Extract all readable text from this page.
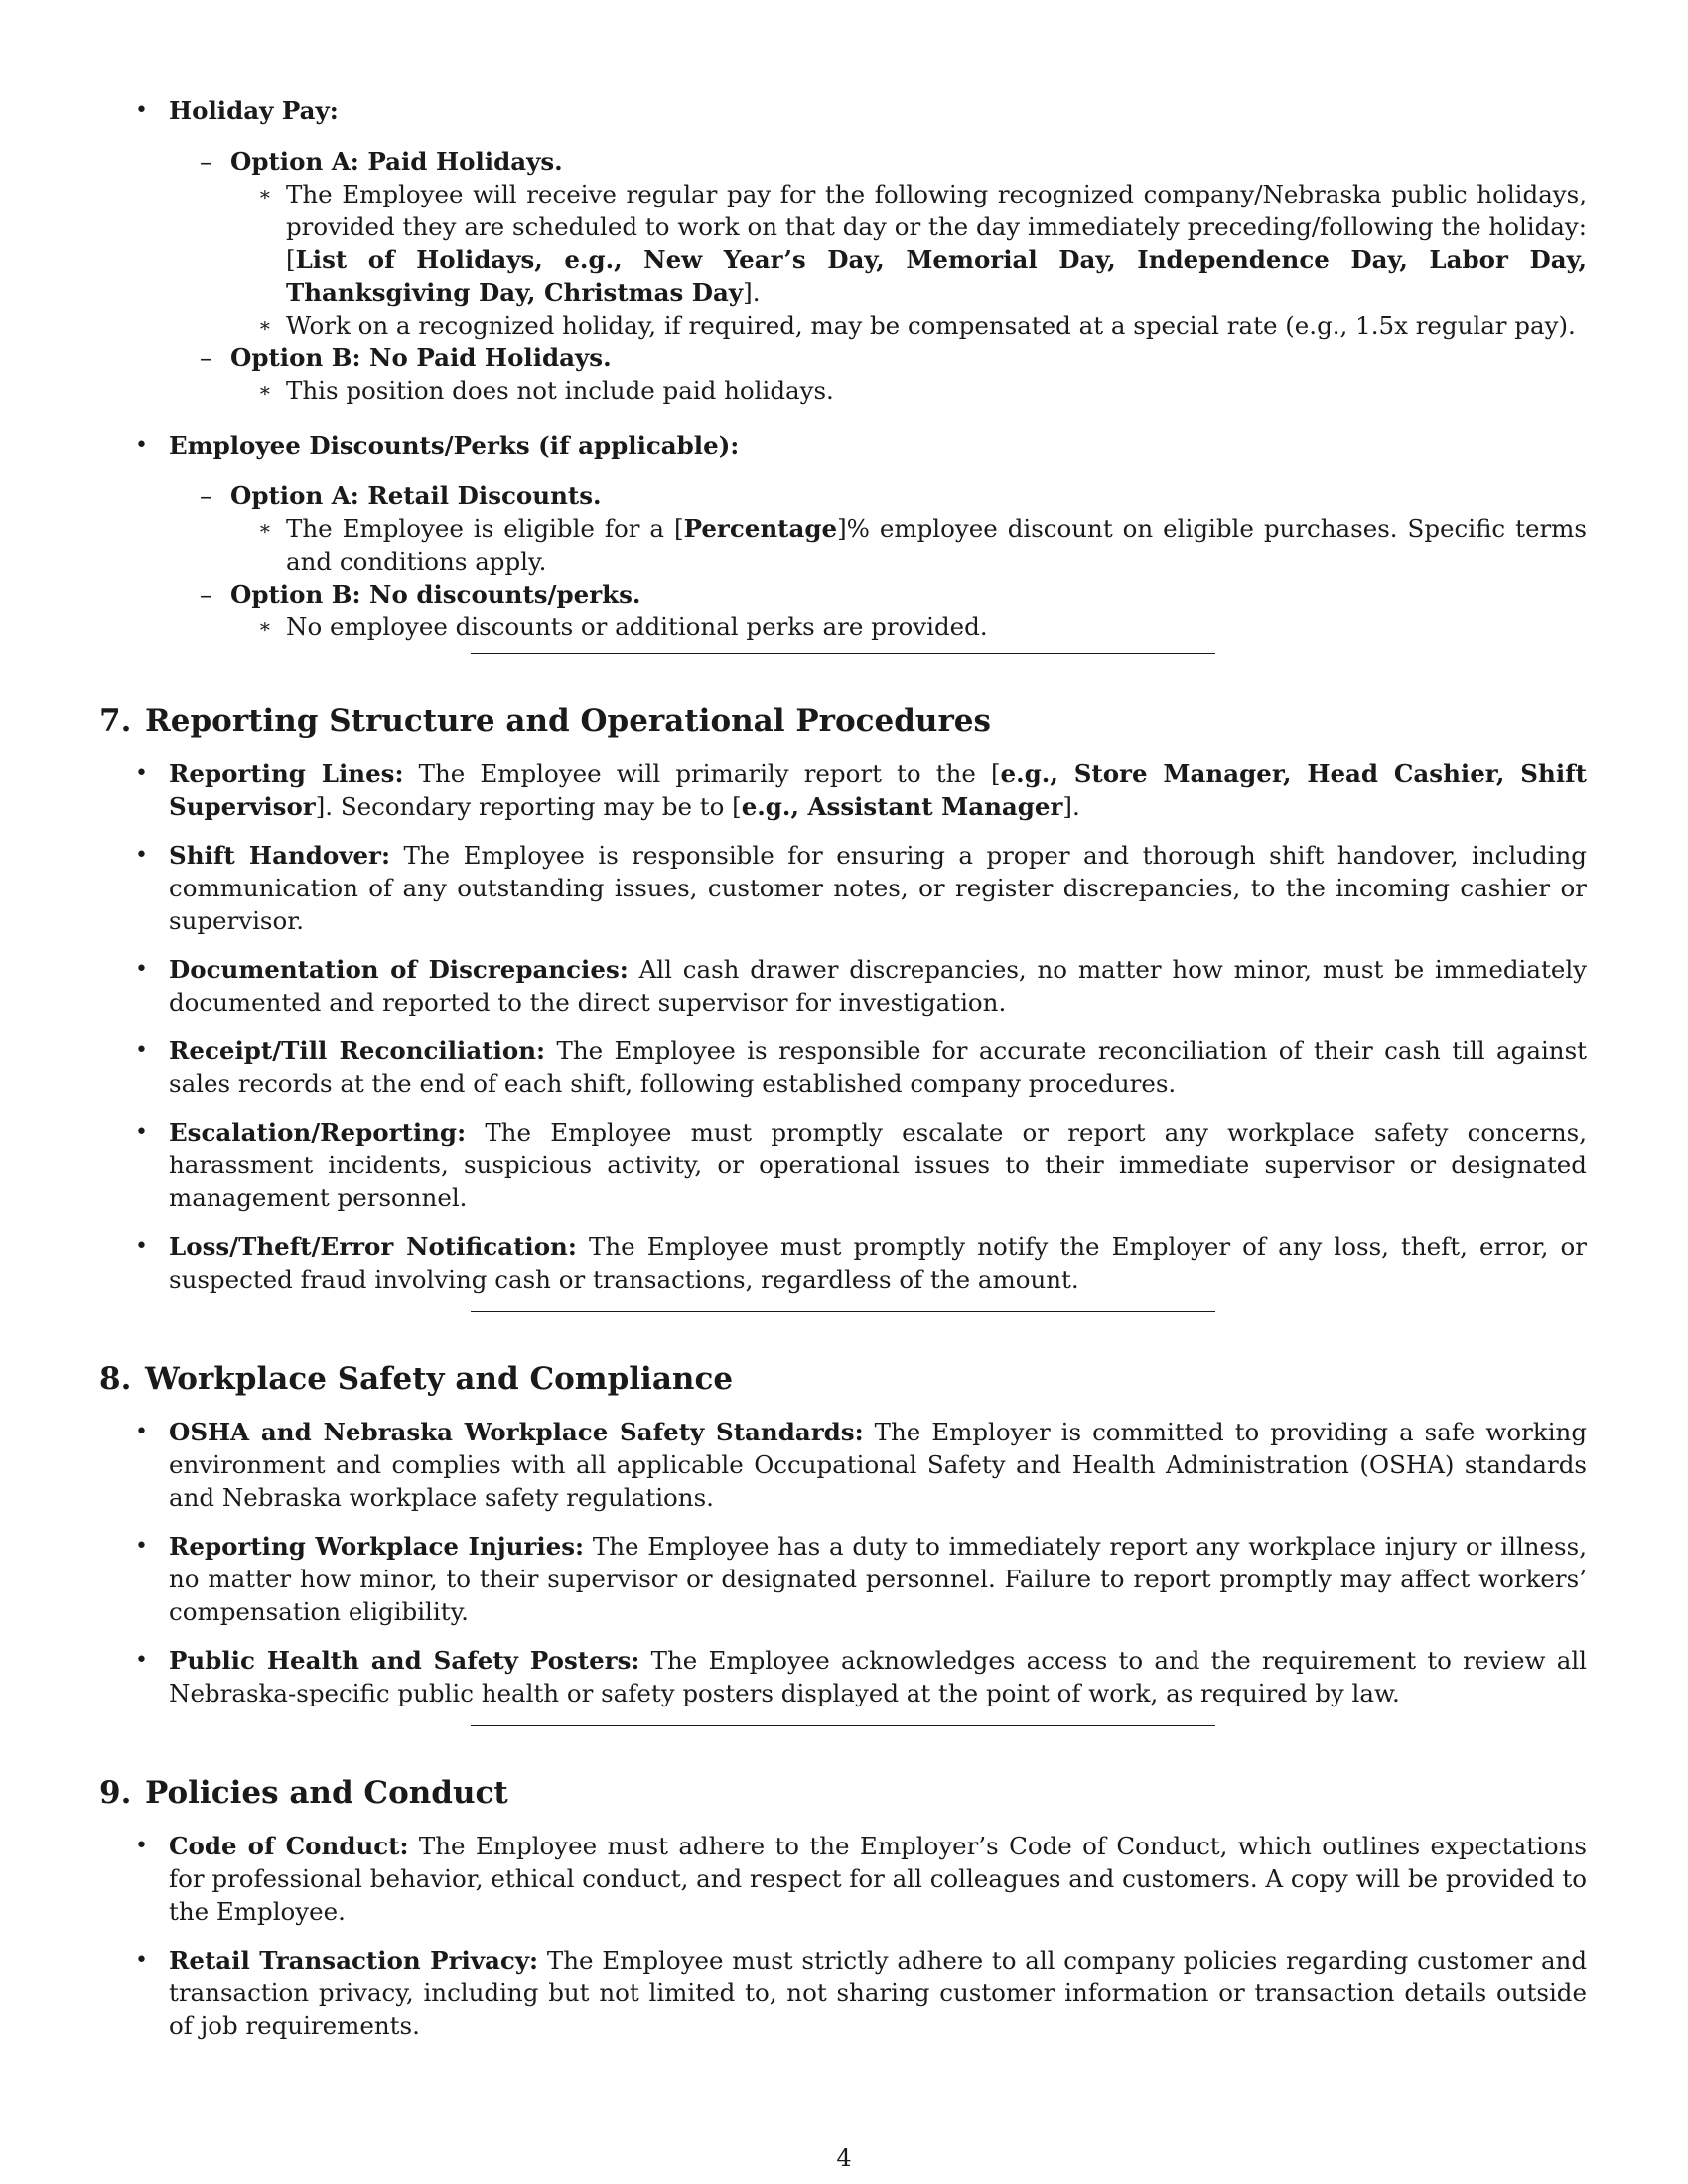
• Holiday Pay:
– Option A: Paid Holidays.
∗ The Employee will receive regular pay for the following recognized company/Nebraska public holidays, provided they are scheduled to work on that day or the day immediately preceding/following the holiday: [List of Holidays, e.g., New Year’s Day, Memorial Day, Independence Day, Labor Day, Thanksgiving Day, Christmas Day].
∗ Work on a recognized holiday, if required, may be compensated at a special rate (e.g., 1.5x regular pay).
– Option B: No Paid Holidays.
∗ This position does not include paid holidays.
• Employee Discounts/Perks (if applicable):
– Option A: Retail Discounts.
∗ The Employee is eligible for a [Percentage]% employee discount on eligible purchases. Specific terms and conditions apply.
– Option B: No discounts/perks.
∗ No employee discounts or additional perks are provided.
7. Reporting Structure and Operational Procedures
• Reporting Lines: The Employee will primarily report to the [e.g., Store Manager, Head Cashier, Shift Supervisor]. Secondary reporting may be to [e.g., Assistant Manager].
• Shift Handover: The Employee is responsible for ensuring a proper and thorough shift handover, including communication of any outstanding issues, customer notes, or register discrepancies, to the incoming cashier or supervisor.
• Documentation of Discrepancies: All cash drawer discrepancies, no matter how minor, must be immediately documented and reported to the direct supervisor for investigation.
• Receipt/Till Reconciliation: The Employee is responsible for accurate reconciliation of their cash till against sales records at the end of each shift, following established company procedures.
• Escalation/Reporting: The Employee must promptly escalate or report any workplace safety concerns, harassment incidents, suspicious activity, or operational issues to their immediate supervisor or designated management personnel.
• Loss/Theft/Error Notification: The Employee must promptly notify the Employer of any loss, theft, error, or suspected fraud involving cash or transactions, regardless of the amount.
8. Workplace Safety and Compliance
• OSHA and Nebraska Workplace Safety Standards: The Employer is committed to providing a safe working environment and complies with all applicable Occupational Safety and Health Administration (OSHA) standards and Nebraska workplace safety regulations.
• Reporting Workplace Injuries: The Employee has a duty to immediately report any workplace injury or illness, no matter how minor, to their supervisor or designated personnel. Failure to report promptly may affect workers’ compensation eligibility.
• Public Health and Safety Posters: The Employee acknowledges access to and the requirement to review all Nebraska-specific public health or safety posters displayed at the point of work, as required by law.
9. Policies and Conduct
• Code of Conduct: The Employee must adhere to the Employer’s Code of Conduct, which outlines expectations for professional behavior, ethical conduct, and respect for all colleagues and customers. A copy will be provided to the Employee.
• Retail Transaction Privacy: The Employee must strictly adhere to all company policies regarding customer and transaction privacy, including but not limited to, not sharing customer information or transaction details outside of job requirements.
4
